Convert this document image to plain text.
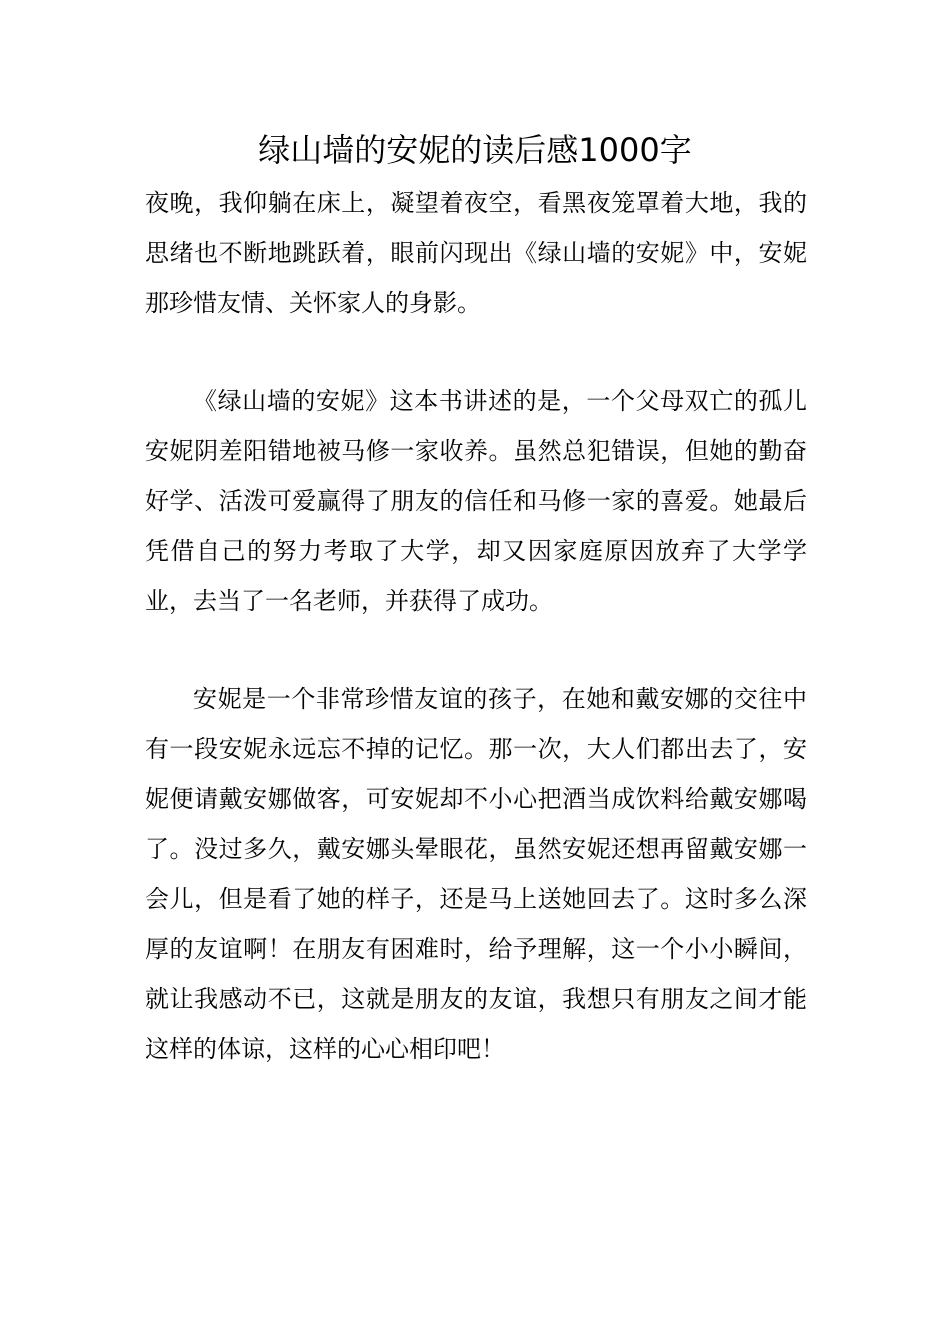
绿山墙的安妮的读后感1000字

夜晚，我仰躺在床上，凝望着夜空，看黑夜笼罩着大地，我的思绪也不断地跳跃着，眼前闪现出《绿山墙的安妮》中，安妮那珍惜友情、关怀家人的身影。

《绿山墙的安妮》这本书讲述的是，一个父母双亡的孤儿安妮阴差阳错地被马修一家收养。虽然总犯错误，但她的勤奋好学、活泼可爱赢得了朋友的信任和马修一家的喜爱。她最后凭借自己的努力考取了大学，却又因家庭原因放弃了大学学业，去当了一名老师，并获得了成功。

安妮是一个非常珍惜友谊的孩子，在她和戴安娜的交往中有一段安妮永远忘不掉的记忆。那一次，大人们都出去了，安妮便请戴安娜做客，可安妮却不小心把酒当成饮料给戴安娜喝了。没过多久，戴安娜头晕眼花，虽然安妮还想再留戴安娜一会儿，但是看了她的样子，还是马上送她回去了。这时多么深厚的友谊啊！在朋友有困难时，给予理解，这一个小小瞬间，就让我感动不已，这就是朋友的友谊，我想只有朋友之间才能这样的体谅，这样的心心相印吧！
